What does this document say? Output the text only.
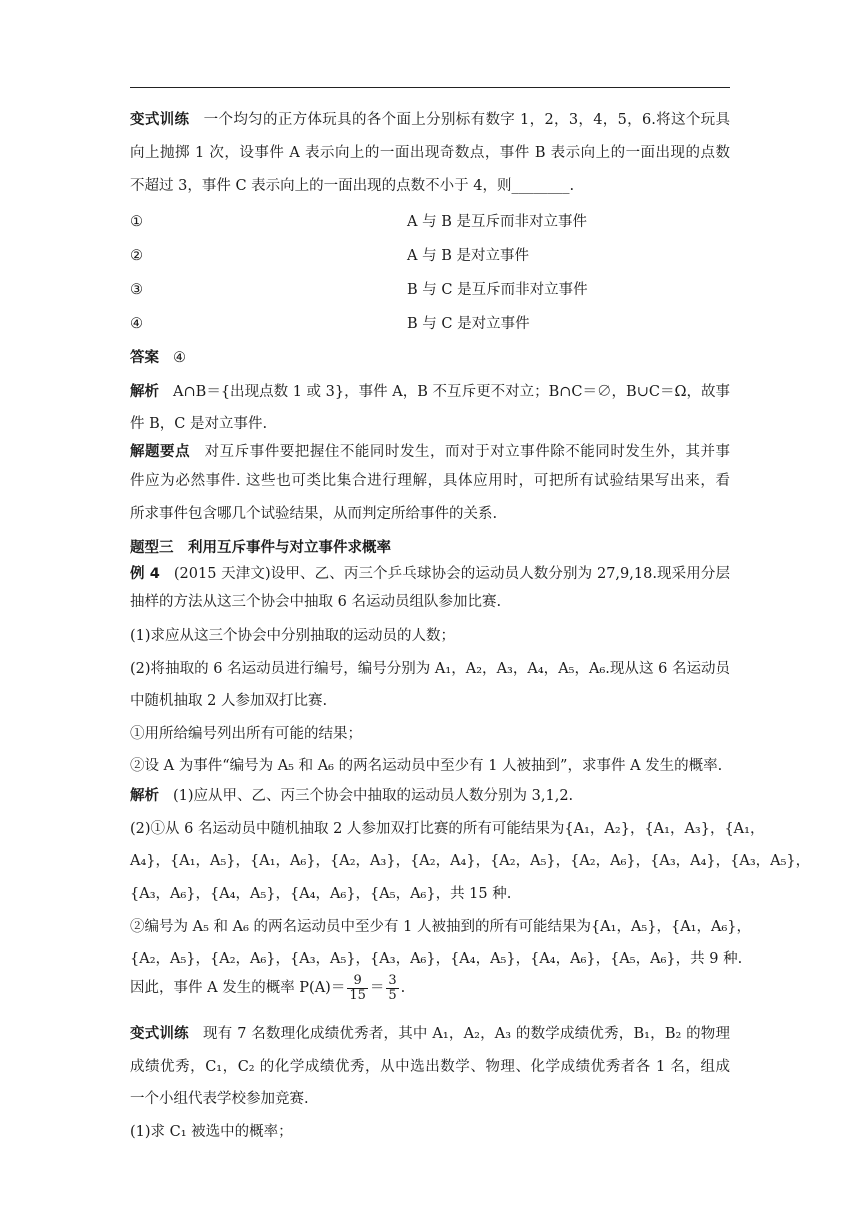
变式训练 一个均匀的正方体玩具的各个面上分别标有数字 1，2，3，4，5，6.将这个玩具
向上抛掷 1 次，设事件 A 表示向上的一面出现奇数点，事件 B 表示向上的一面出现的点数
不超过 3，事件 C 表示向上的一面出现的点数不小于 4，则________.
①	A 与 B 是互斥而非对立事件
②	A 与 B 是对立事件
③	B 与 C 是互斥而非对立事件
④	B 与 C 是对立事件
答案 ④
解析 A∩B＝{出现点数 1 或 3}，事件 A，B 不互斥更不对立；B∩C＝∅，B∪C＝Ω，故事
件 B，C 是对立事件.
解题要点 对互斥事件要把握住不能同时发生，而对于对立事件除不能同时发生外，其并事
件应为必然事件. 这些也可类比集合进行理解，具体应用时，可把所有试验结果写出来，看
所求事件包含哪几个试验结果，从而判定所给事件的关系.
题型三　利用互斥事件与对立事件求概率
例 4 (2015 天津文)设甲、乙、丙三个乒乓球协会的运动员人数分别为 27,9,18.现采用分层
抽样的方法从这三个协会中抽取 6 名运动员组队参加比赛.
(1)求应从这三个协会中分别抽取的运动员的人数；
(2)将抽取的 6 名运动员进行编号，编号分别为 A₁，A₂，A₃，A₄，A₅，A₆.现从这 6 名运动员
中随机抽取 2 人参加双打比赛.
①用所给编号列出所有可能的结果；
②设 A 为事件“编号为 A₅ 和 A₆ 的两名运动员中至少有 1 人被抽到”，求事件 A 发生的概率.
解析 (1)应从甲、乙、丙三个协会中抽取的运动员人数分别为 3,1,2.
(2)①从 6 名运动员中随机抽取 2 人参加双打比赛的所有可能结果为{A₁，A₂}，{A₁，A₃}，{A₁，
A₄}，{A₁，A₅}，{A₁，A₆}，{A₂，A₃}，{A₂，A₄}，{A₂，A₅}，{A₂，A₆}，{A₃，A₄}，{A₃，A₅}，
{A₃，A₆}，{A₄，A₅}，{A₄，A₆}，{A₅，A₆}，共 15 种.
②编号为 A₅ 和 A₆ 的两名运动员中至少有 1 人被抽到的所有可能结果为{A₁，A₅}，{A₁，A₆}，
{A₂，A₅}，{A₂，A₆}，{A₃，A₅}，{A₃，A₆}，{A₄，A₅}，{A₄，A₆}，{A₅，A₆}，共 9 种.
因此，事件 A 发生的概率 $P(A)= \frac{9}{15} = \frac{3}{5}$ .
变式训练 现有 7 名数理化成绩优秀者，其中 A₁，A₂，A₃ 的数学成绩优秀，B₁，B₂ 的物理
成绩优秀，C₁，C₂ 的化学成绩优秀，从中选出数学、物理、化学成绩优秀者各 1 名，组成
一个小组代表学校参加竞赛.
(1)求 C₁ 被选中的概率；
